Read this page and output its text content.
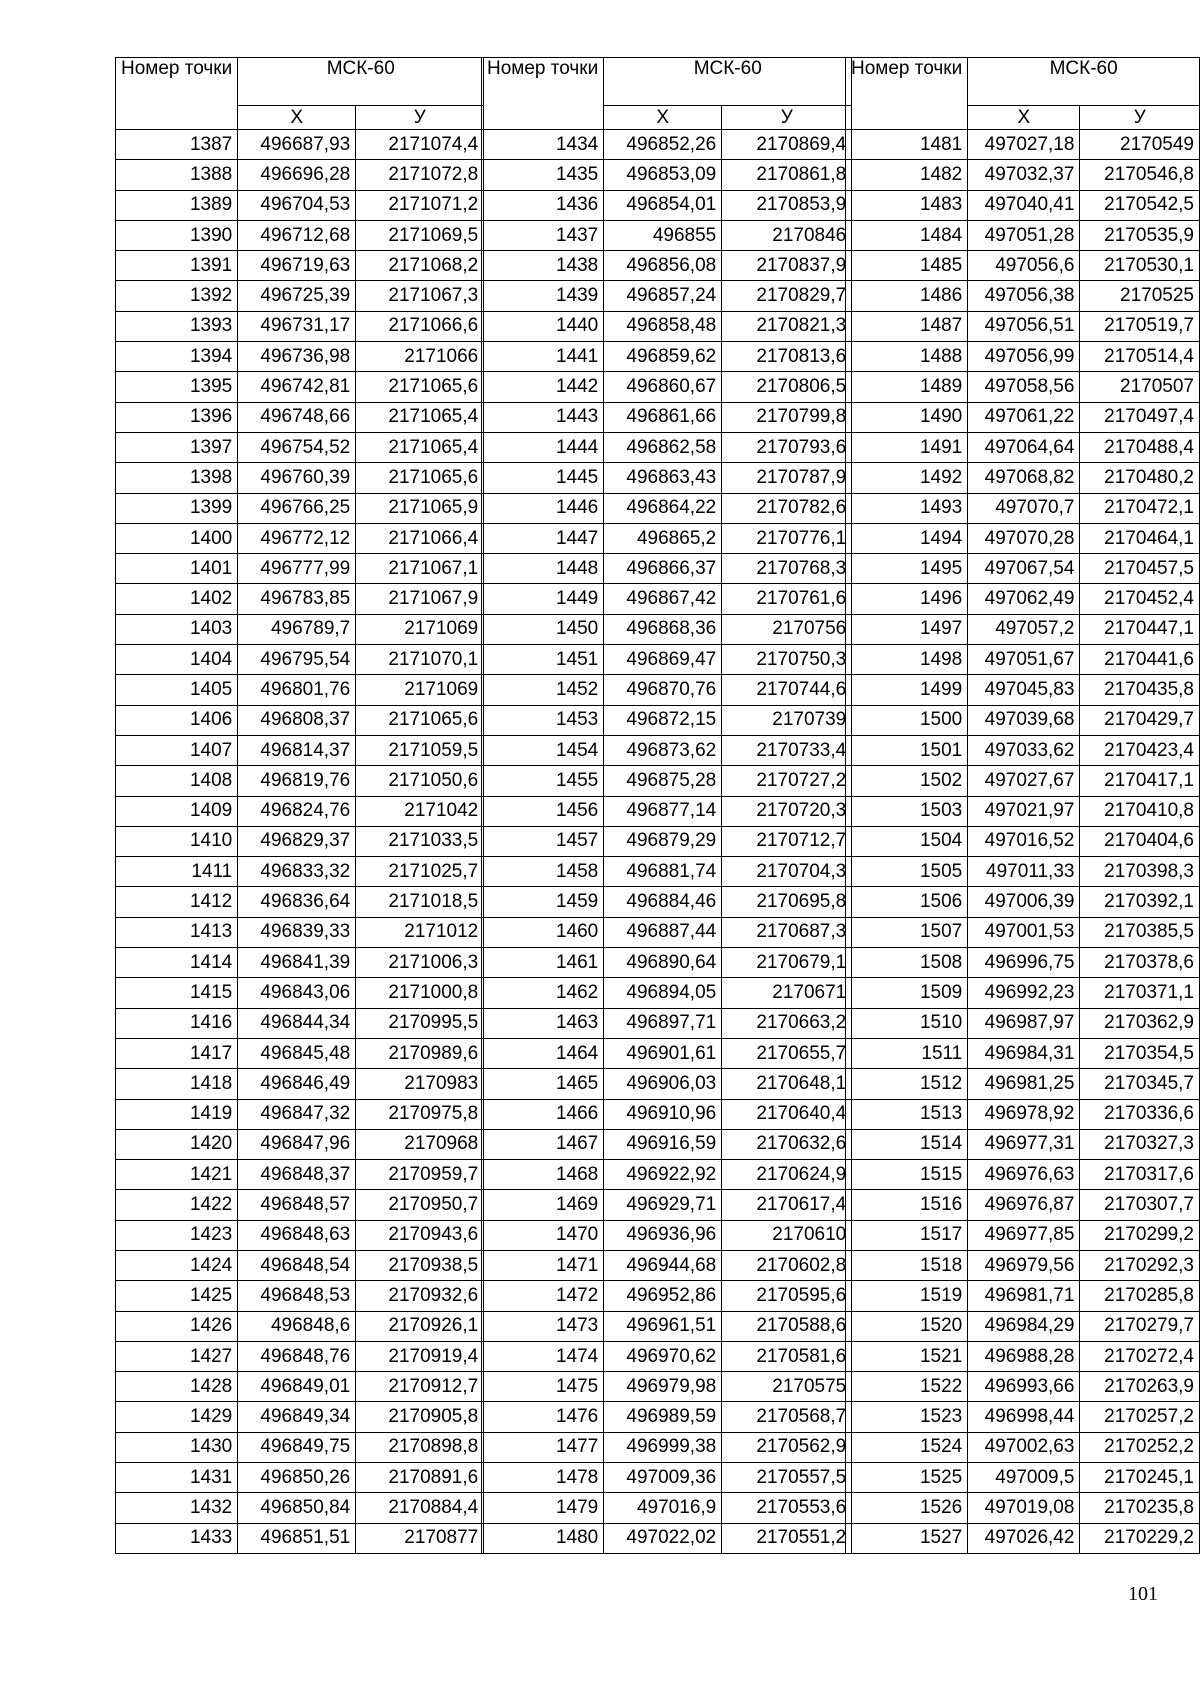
Номер точки	МСК-60	
	X	У
1387	496687,93	2171074,4
1388	496696,28	2171072,8
1389	496704,53	2171071,2
1390	496712,68	2171069,5
1391	496719,63	2171068,2
1392	496725,39	2171067,3
1393	496731,17	2171066,6
1394	496736,98	2171066
1395	496742,81	2171065,6
1396	496748,66	2171065,4
1397	496754,52	2171065,4
1398	496760,39	2171065,6
1399	496766,25	2171065,9
1400	496772,12	2171066,4
1401	496777,99	2171067,1
1402	496783,85	2171067,9
1403	496789,7	2171069
1404	496795,54	2171070,1
1405	496801,76	2171069
1406	496808,37	2171065,6
1407	496814,37	2171059,5
1408	496819,76	2171050,6
1409	496824,76	2171042
1410	496829,37	2171033,5
1411	496833,32	2171025,7
1412	496836,64	2171018,5
1413	496839,33	2171012
1414	496841,39	2171006,3
1415	496843,06	2171000,8
1416	496844,34	2170995,5
1417	496845,48	2170989,6
1418	496846,49	2170983
1419	496847,32	2170975,8
1420	496847,96	2170968
1421	496848,37	2170959,7
1422	496848,57	2170950,7
1423	496848,63	2170943,6
1424	496848,54	2170938,5
1425	496848,53	2170932,6
1426	496848,6	2170926,1
1427	496848,76	2170919,4
1428	496849,01	2170912,7
1429	496849,34	2170905,8
1430	496849,75	2170898,8
1431	496850,26	2170891,6
1432	496850,84	2170884,4
1433	496851,51	2170877
Номер точки	МСК-60	
	X	У
1434	496852,26	2170869,4
1435	496853,09	2170861,8
1436	496854,01	2170853,9
1437	496855	2170846
1438	496856,08	2170837,9
1439	496857,24	2170829,7
1440	496858,48	2170821,3
1441	496859,62	2170813,6
1442	496860,67	2170806,5
1443	496861,66	2170799,8
1444	496862,58	2170793,6
1445	496863,43	2170787,9
1446	496864,22	2170782,6
1447	496865,2	2170776,1
1448	496866,37	2170768,3
1449	496867,42	2170761,6
1450	496868,36	2170756
1451	496869,47	2170750,3
1452	496870,76	2170744,6
1453	496872,15	2170739
1454	496873,62	2170733,4
1455	496875,28	2170727,2
1456	496877,14	2170720,3
1457	496879,29	2170712,7
1458	496881,74	2170704,3
1459	496884,46	2170695,8
1460	496887,44	2170687,3
1461	496890,64	2170679,1
1462	496894,05	2170671
1463	496897,71	2170663,2
1464	496901,61	2170655,7
1465	496906,03	2170648,1
1466	496910,96	2170640,4
1467	496916,59	2170632,6
1468	496922,92	2170624,9
1469	496929,71	2170617,4
1470	496936,96	2170610
1471	496944,68	2170602,8
1472	496952,86	2170595,6
1473	496961,51	2170588,6
1474	496970,62	2170581,6
1475	496979,98	2170575
1476	496989,59	2170568,7
1477	496999,38	2170562,9
1478	497009,36	2170557,5
1479	497016,9	2170553,6
1480	497022,02	2170551,2
Номер точки	МСК-60	
	X	У
1481	497027,18	2170549
1482	497032,37	2170546,8
1483	497040,41	2170542,5
1484	497051,28	2170535,9
1485	497056,6	2170530,1
1486	497056,38	2170525
1487	497056,51	2170519,7
1488	497056,99	2170514,4
1489	497058,56	2170507
1490	497061,22	2170497,4
1491	497064,64	2170488,4
1492	497068,82	2170480,2
1493	497070,7	2170472,1
1494	497070,28	2170464,1
1495	497067,54	2170457,5
1496	497062,49	2170452,4
1497	497057,2	2170447,1
1498	497051,67	2170441,6
1499	497045,83	2170435,8
1500	497039,68	2170429,7
1501	497033,62	2170423,4
1502	497027,67	2170417,1
1503	497021,97	2170410,8
1504	497016,52	2170404,6
1505	497011,33	2170398,3
1506	497006,39	2170392,1
1507	497001,53	2170385,5
1508	496996,75	2170378,6
1509	496992,23	2170371,1
1510	496987,97	2170362,9
1511	496984,31	2170354,5
1512	496981,25	2170345,7
1513	496978,92	2170336,6
1514	496977,31	2170327,3
1515	496976,63	2170317,6
1516	496976,87	2170307,7
1517	496977,85	2170299,2
1518	496979,56	2170292,3
1519	496981,71	2170285,8
1520	496984,29	2170279,7
1521	496988,28	2170272,4
1522	496993,66	2170263,9
1523	496998,44	2170257,2
1524	497002,63	2170252,2
1525	497009,5	2170245,1
1526	497019,08	2170235,8
1527	497026,42	2170229,2
101
